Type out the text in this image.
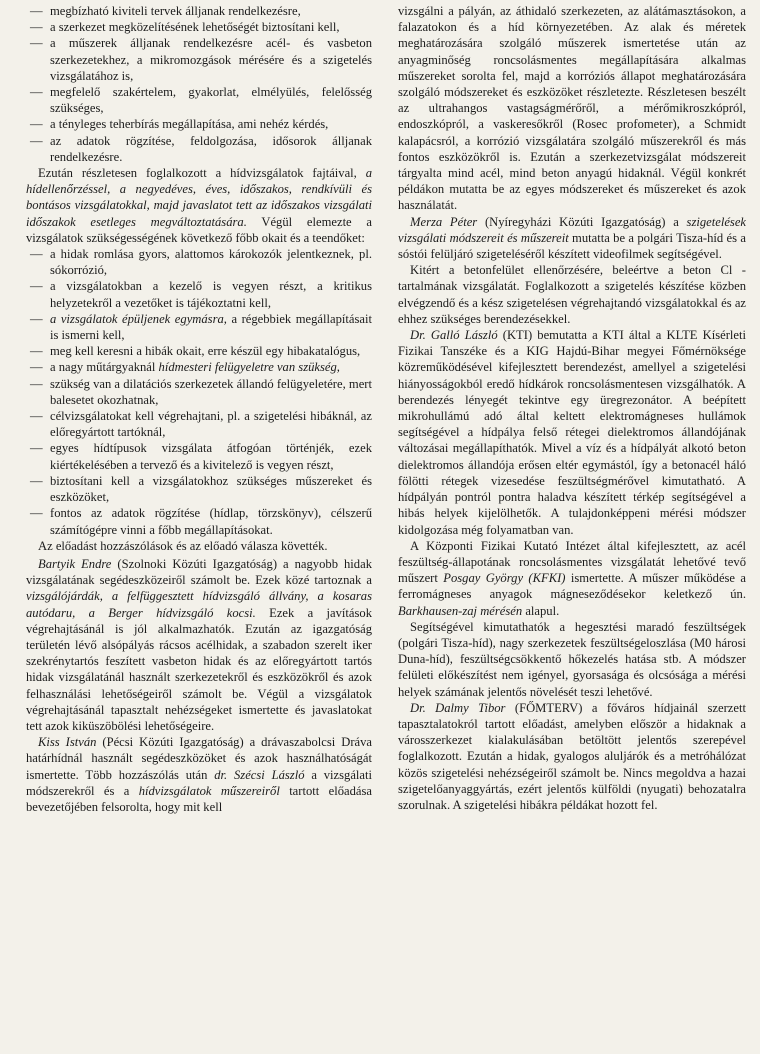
— megbízható kiviteli tervek álljanak rendelkezésre,
— a szerkezet megközelítésének lehetőségét biztosítani kell,
— a műszerek álljanak rendelkezésre acél- és vasbeton szerkezetekhez, a mikromozgások mérésére és a szigetelés vizsgálatához is,
— megfelelő szakértelem, gyakorlat, elmélyülés, felelősség szükséges,
— a tényleges teherbírás megállapítása, ami nehéz kérdés,
— az adatok rögzítése, feldolgozása, idősorok álljanak rendelkezésre.

Ezután részletesen foglalkozott a hídvizsgálatok fajtáival, a hídellenőrzéssel, a negyedéves, éves, időszakos, rendkívüli és bontásos vizsgálatokkal, majd javaslatot tett az időszakos vizsgálati időszakok esetleges megváltoztatására. Végül elemezte a vizsgálatok szükségességének következő főbb okait és a teendőket:

— a hidak romlása gyors, alattomos károkozók jelentkeznek, pl. sókorrózió,
— a vizsgálatokban a kezelő is vegyen részt, a kritikus helyzetekről a vezetőket is tájékoztatni kell,
— a vizsgálatok épüljenek egymásra, a régebbiek megállapításait is ismerni kell,
— meg kell keresni a hibák okait, erre készül egy hibakatalógus,
— a nagy műtárgyaknál hídmesteri felügyeletre van szükség,
— szükség van a dilatációs szerkezetek állandó felügyeletére, mert balesetet okozhatnak,
— célvizsgálatokat kell végrehajtani, pl. a szigetelési hibáknál, az előregyártott tartóknál,
— egyes hídtípusok vizsgálata átfogóan történjék, ezek kiértékelésében a tervező és a kivitelező is vegyen részt,
— biztosítani kell a vizsgálatokhoz szükséges műszereket és eszközöket,
— fontos az adatok rögzítése (hídlap, törzskönyv), célszerű számítógépre vinni a főbb megállapításokat.

Az előadást hozzászólások és az előadó válasza követték.

Bartyik Endre (Szolnoki Közúti Igazgatóság) a nagyobb hidak vizsgálatának segédeszközeiről számolt be. Ezek közé tartoznak a vizsgálójárdák, a felfüggesztett hídvizsgáló állvány, a kosaras autódaru, a Berger hídvizsgáló kocsi. Ezek a javítások végrehajtásánál is jól alkalmazhatók. Ezután az igazgatóság területén lévő alsópályás rácsos acélhidak, a szabadon szerelt iker szekrénytartós feszített vasbeton hidak és az előregyártott tartós hidak vizsgálatánál használt szerkezetekről és eszközökről és azok felhasználási lehetőségeiről számolt be. Végül a vizsgálatok végrehajtásánál tapasztalt nehézségeket ismertette és javaslatokat tett azok kiküszöbölési lehetőségeire.

Kiss István (Pécsi Közúti Igazgatóság) a drávaszabolcsi Dráva határhídnál használt segédeszközöket és azok használhatóságát ismertette. Több hozzászólás után dr. Szécsi László a vizsgálati módszerekről és a hídvizsgálatok műszereiről tartott előadása bevezetőjében felsorolta, hogy mit kell

vizsgálni a pályán, az áthidaló szerkezeten, az alátámasztásokon, a falazatokon és a híd környezetében. Az alak és méretek meghatározására szolgáló műszerek ismertetése után az anyagminőség roncsolásmentes megállapítására alkalmas műszereket sorolta fel, majd a korróziós állapot meghatározására szolgáló módszereket és eszközöket részletezte. Részletesen beszélt az ultrahangos vastagságmérőről, a mérőmikroszkópról, endoszkópról, a vaskeresőkről (Rosec profometer), a Schmidt kalapácsról, a korrózió vizsgálatára szolgáló műszerekről és más fontos eszközökről is. Ezután a szerkezetvizsgálat módszereit tárgyalta mind acél, mind beton anyagú hidaknál. Végül konkrét példákon mutatta be az egyes módszereket és műszereket és azok használatát.

Merza Péter (Nyíregyházi Közúti Igazgatóság) a szigetelések vizsgálati módszereit és műszereit mutatta be a polgári Tisza-híd és a sóstói felüljáró szigeteléséről készített videofilmek segítségével.

Kitért a betonfelület ellenőrzésére, beleértve a beton Cl -tartalmának vizsgálatát. Foglalkozott a szigetelés készítése közben elvégzendő és a kész szigetelésen végrehajtandó vizsgálatokkal és az ehhez szükséges berendezésekkel.

Dr. Galló László (KTI) bemutatta a KTI által a KLTE Kísérleti Fizikai Tanszéke és a KIG Hajdú-Bihar megyei Főmérnöksége közreműködésével kifejlesztett berendezést, amellyel a szigetelési hiányosságokból eredő hídkárok roncsolásmentesen vizsgálhatók. A berendezés lényegét tekintve egy üregrezonátor. A beépített mikrohullámú adó által keltett elektromágneses hullámok segítségével a hídpálya felső rétegei dielektromos állandójának változásai megállapíthatók. Mivel a víz és a hídpályát alkotó beton dielektromos állandója erősen eltér egymástól, így a betonacél háló fölötti rétegek vizesedése feszültségmérővel kimutatható. A hídpályán pontról pontra haladva készített térkép segítségével a hibás helyek kijelölhetők. A tulajdonképpeni mérési módszer kidolgozása még folyamatban van.

A Központi Fizikai Kutató Intézet által kifejlesztett, az acél feszültség-állapotának roncsolásmentes vizsgálatát lehetővé tevő műszert Posgay György (KFKI) ismertette. A műszer működése a ferromágneses anyagok mágneseződésekor keletkező ún. Barkhausen-zaj mérésén alapul.

Segítségével kimutathatók a hegesztési maradó feszültségek (polgári Tisza-híd), nagy szerkezetek feszültségeloszlása (M0 hárosi Duna-híd), feszültségcsökkentő hőkezelés hatása stb. A módszer felületi előkészítést nem igényel, gyorsasága és olcsósága a mérési helyek számának jelentős növelését teszi lehetővé.

Dr. Dalmy Tibor (FŐMTERV) a főváros hídjainál szerzett tapasztalatokról tartott előadást, amelyben először a hidaknak a városszerkezet kialakulásában betöltött jelentős szerepével foglalkozott. Ezután a hidak, gyalogos aluljárók és a metróhálózat közös szigetelési nehézségeiről számolt be. Nincs megoldva a hazai szigetelőanyaggyártás, ezért jelentős külföldi (nyugati) behozatalra szorulnak. A szigetelési hibákra példákat hozott fel.
